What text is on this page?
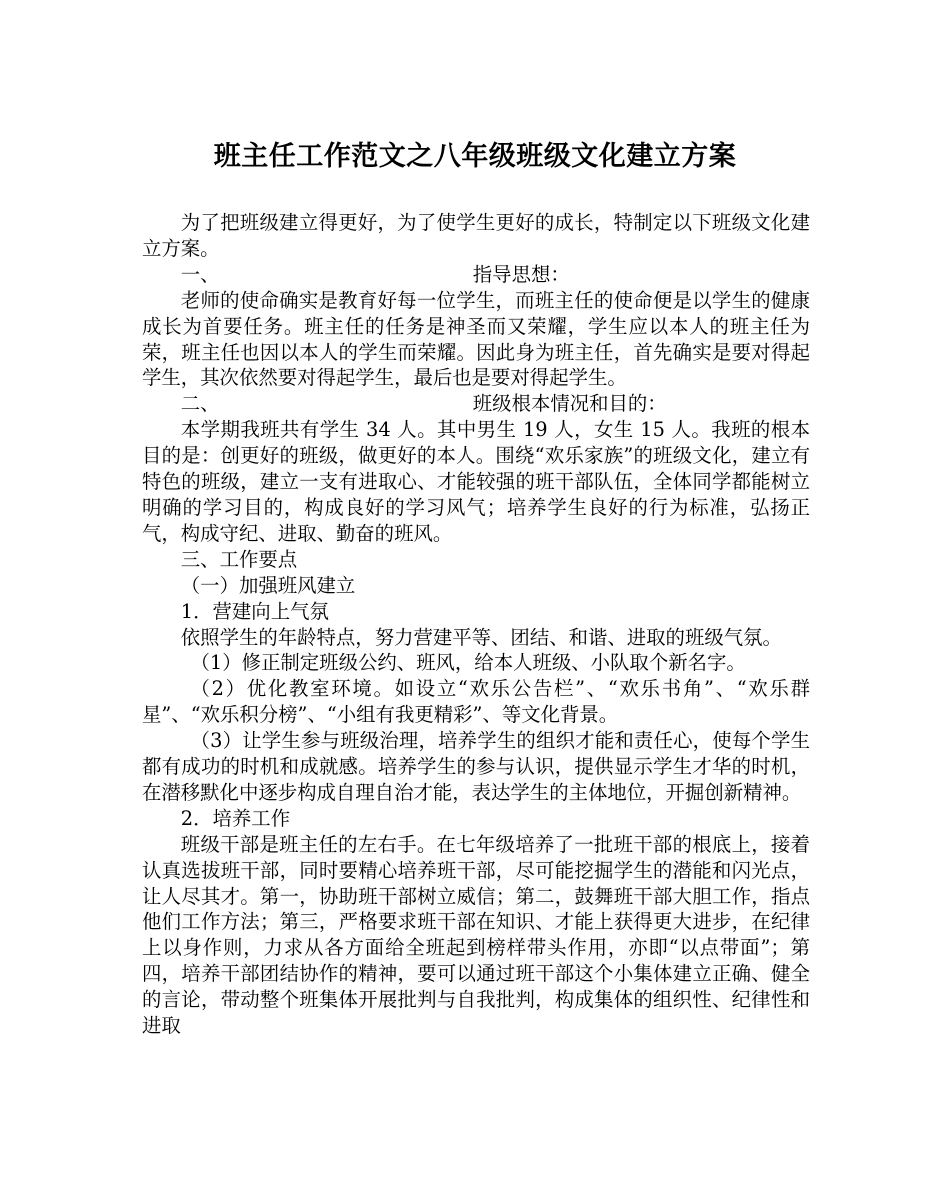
班主任工作范文之八年级班级文化建立方案

为了把班级建立得更好，为了使学生更好的成长，特制定以下班级文化建立方案。

一、	指导思想：

老师的使命确实是教育好每一位学生，而班主任的使命便是以学生的健康成长为首要任务。班主任的任务是神圣而又荣耀，学生应以本人的班主任为荣，班主任也因以本人的学生而荣耀。因此身为班主任，首先确实是要对得起学生，其次依然要对得起学生，最后也是要对得起学生。

二、	班级根本情况和目的：

本学期我班共有学生 34 人。其中男生 19 人，女生 15 人。我班的根本目的是：创更好的班级，做更好的本人。围绕“欢乐家族”的班级文化，建立有特色的班级，建立一支有进取心、才能较强的班干部队伍，全体同学都能树立明确的学习目的，构成良好的学习风气；培养学生良好的行为标准，弘扬正气，构成守纪、进取、勤奋的班风。

三、工作要点

（一）加强班风建立

1．营建向上气氛

依照学生的年龄特点，努力营建平等、团结、和谐、进取的班级气氛。

（1）修正制定班级公约、班风，给本人班级、小队取个新名字。

（2）优化教室环境。如设立“欢乐公告栏”、“欢乐书角”、“欢乐群星”、“欢乐积分榜”、“小组有我更精彩”、等文化背景。

（3）让学生参与班级治理，培养学生的组织才能和责任心，使每个学生都有成功的时机和成就感。培养学生的参与认识，提供显示学生才华的时机，在潜移默化中逐步构成自理自治才能，表达学生的主体地位，开掘创新精神。

2．培养工作

班级干部是班主任的左右手。在七年级培养了一批班干部的根底上，接着认真选拔班干部，同时要精心培养班干部，尽可能挖掘学生的潜能和闪光点，让人尽其才。第一，协助班干部树立威信；第二，鼓舞班干部大胆工作，指点他们工作方法；第三，严格要求班干部在知识、才能上获得更大进步，在纪律上以身作则，力求从各方面给全班起到榜样带头作用，亦即“以点带面”；第四，培养干部团结协作的精神，要可以通过班干部这个小集体建立正确、健全的言论，带动整个班集体开展批判与自我批判，构成集体的组织性、纪律性和进取
